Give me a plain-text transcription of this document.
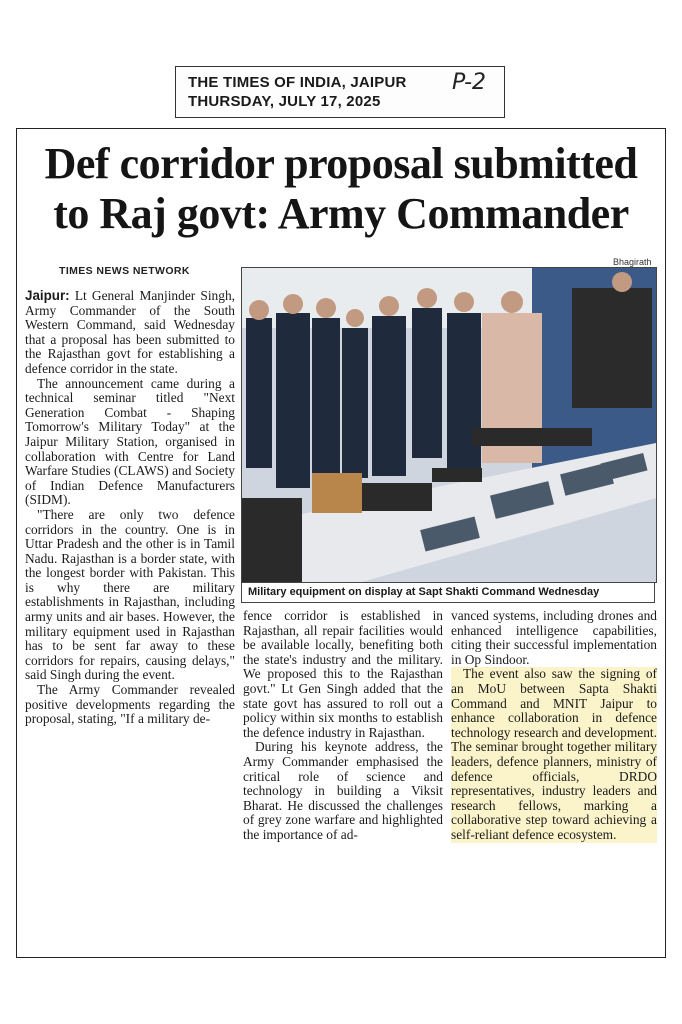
THE TIMES OF INDIA, JAIPUR
THURSDAY, JULY 17, 2025
P-2
Def corridor proposal submitted
to Raj govt: Army Commander
TIMES NEWS NETWORK
Bhagirath
Military equipment on display at Sapt Shakti Command Wednesday

Jaipur: Lt General Manjinder Singh, Army Commander of the South Western Command, said Wednesday that a proposal has been submitted to the Rajasthan govt for establishing a defence corridor in the state.

The announcement came during a technical seminar titled "Next Generation Combat - Shaping Tomorrow's Military Today" at the Jaipur Military Station, organised in collaboration with Centre for Land Warfare Studies (CLAWS) and Society of Indian Defence Manufacturers (SIDM).

"There are only two defence corridors in the country. One is in Uttar Pradesh and the other is in Tamil Nadu. Rajasthan is a border state, with the longest border with Pakistan. This is why there are military establishments in Rajasthan, including army units and air bases. However, the military equipment used in Rajasthan has to be sent far away to these corridors for repairs, causing delays," said Singh during the event.

The Army Commander revealed positive developments regarding the proposal, stating, "If a military de-

fence corridor is established in Rajasthan, all repair facilities would be available locally, benefiting both the state's industry and the military. We proposed this to the Rajasthan govt." Lt Gen Singh added that the state govt has assured to roll out a policy within six months to establish the defence industry in Rajasthan.

During his keynote address, the Army Commander emphasised the critical role of science and technology in building a Viksit Bharat. He discussed the challenges of grey zone warfare and highlighted the importance of ad-

vanced systems, including drones and enhanced intelligence capabilities, citing their successful implementation in Op Sindoor.

The event also saw the signing of an MoU between Sapta Shakti Command and MNIT Jaipur to enhance collaboration in defence technology research and development. The seminar brought together military leaders, defence planners, ministry of defence officials, DRDO representatives, industry leaders and research fellows, marking a collaborative step toward achieving a self-reliant defence ecosystem.
